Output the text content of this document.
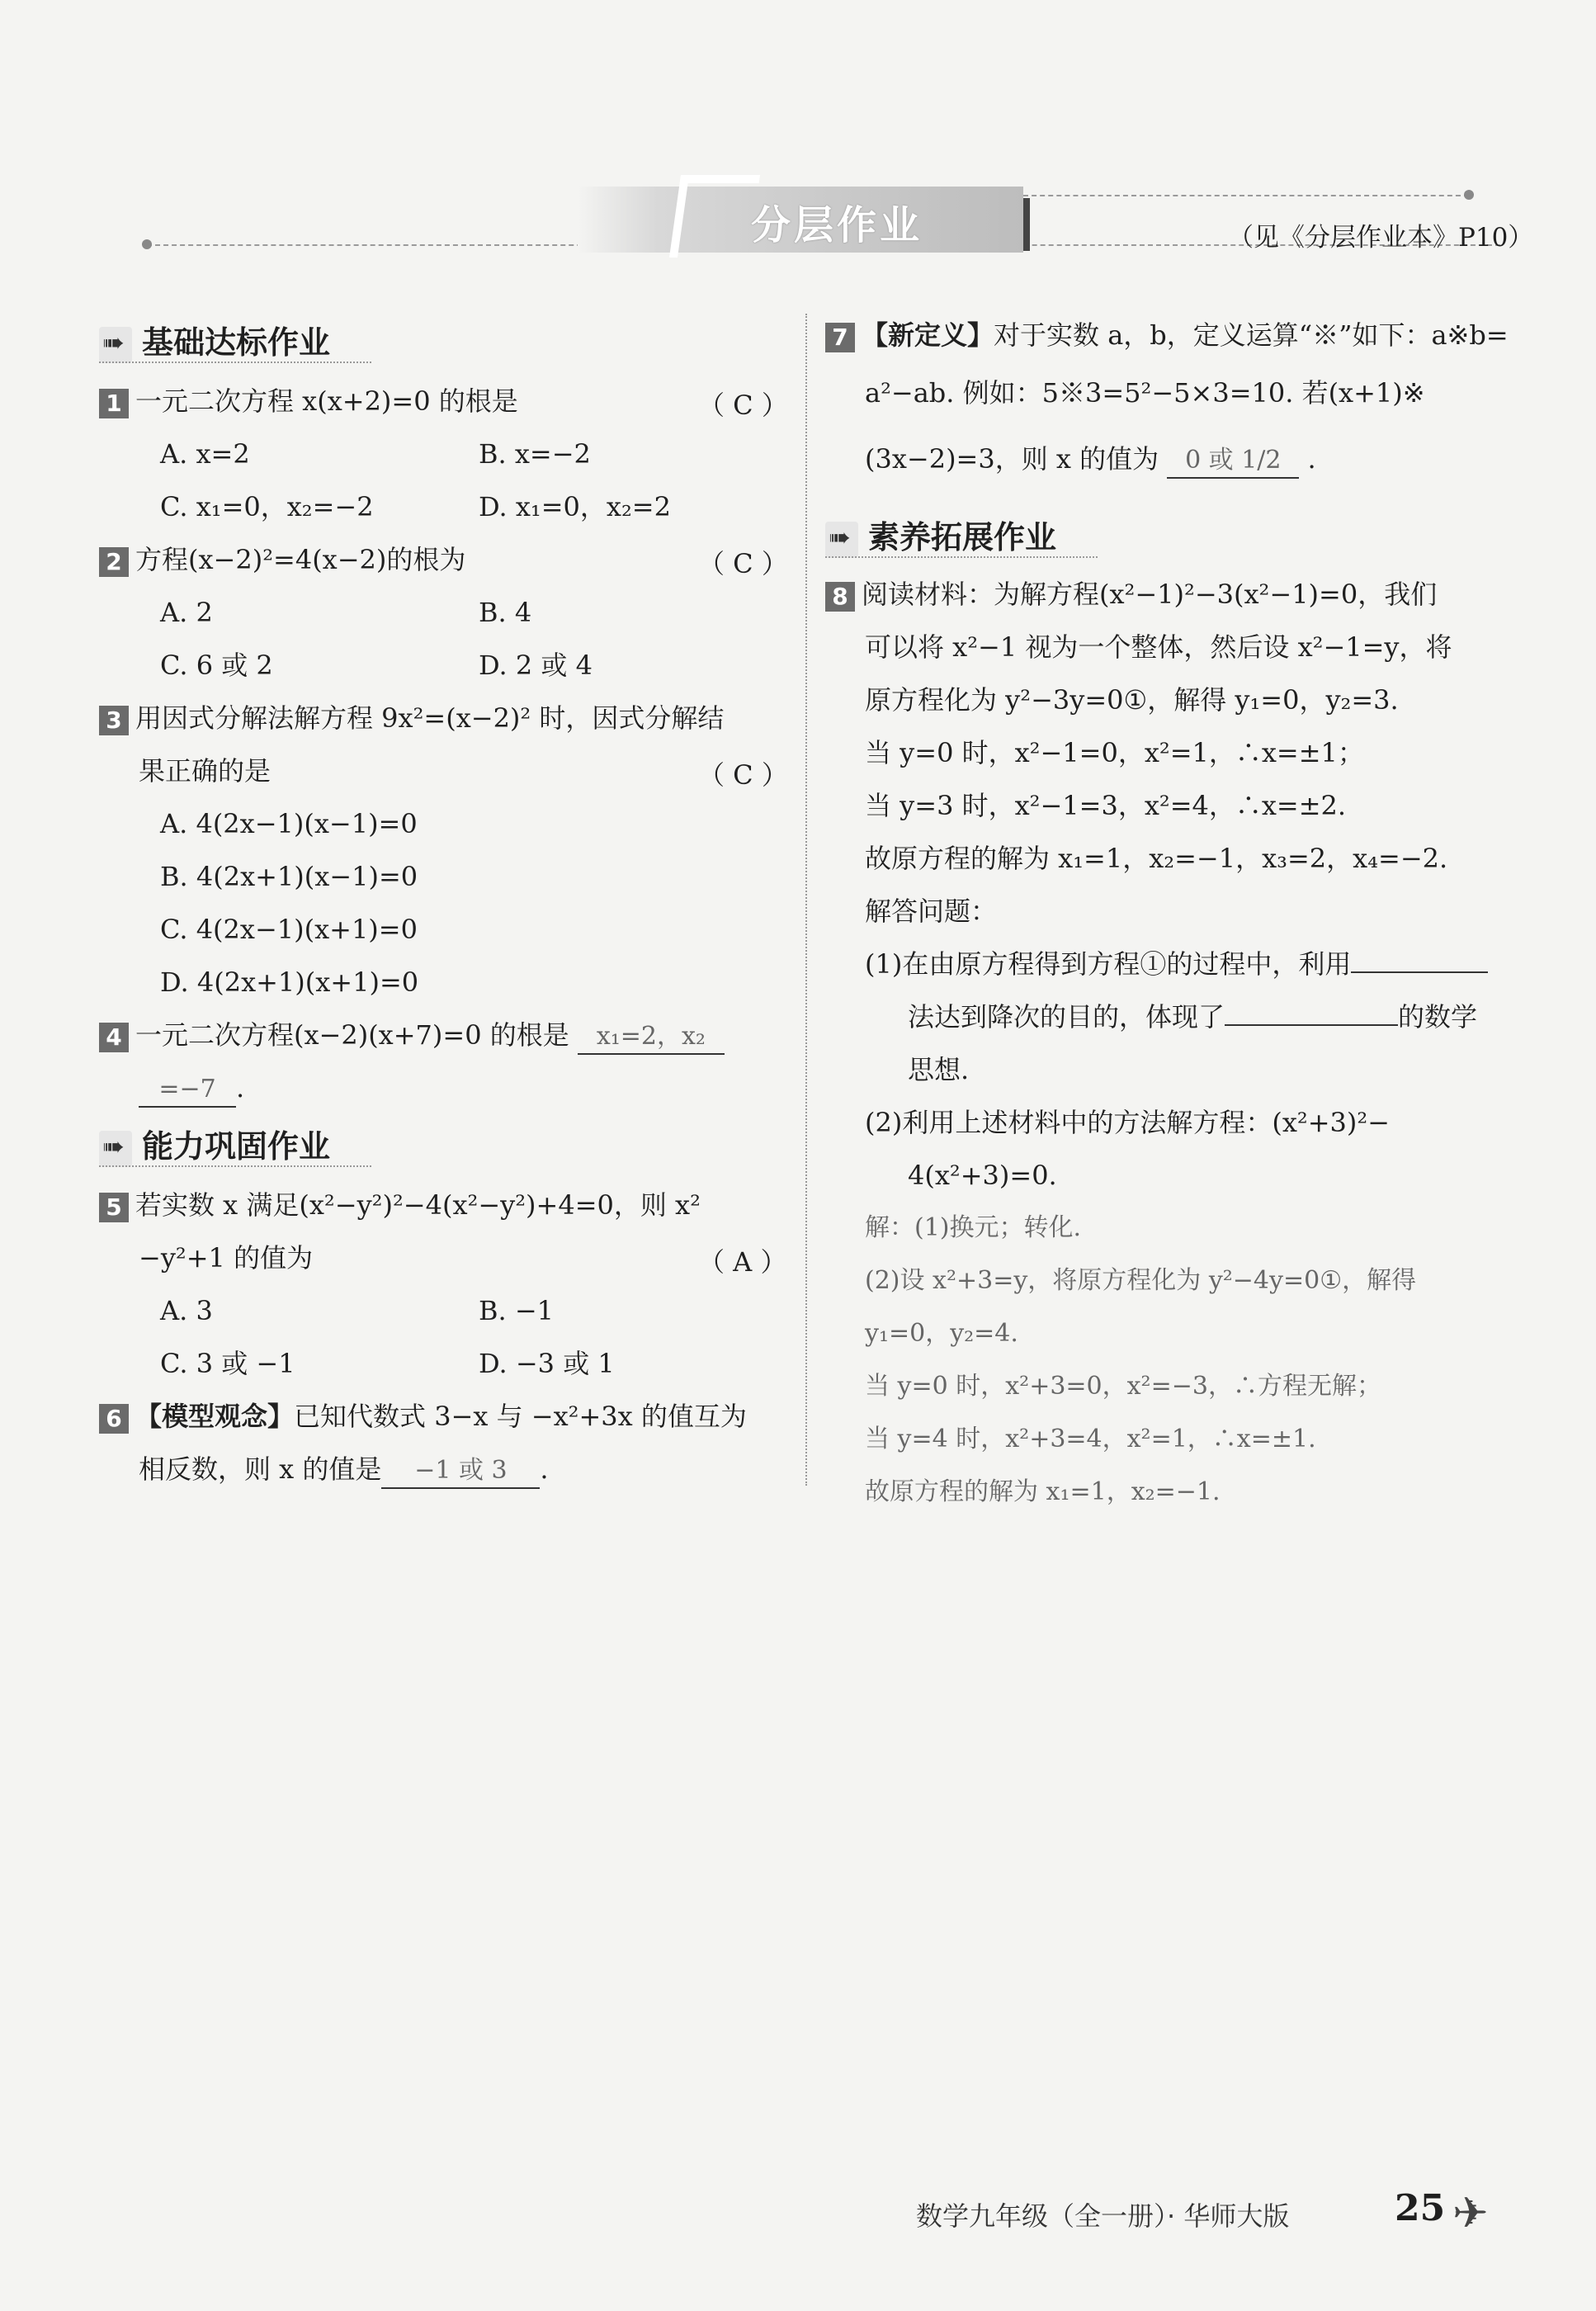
分层作业	（见《分层作业本》P10）
➠基础达标作业
1 一元二次方程 x(x+2)=0 的根是	（ C ）
A. x=2	B. x=−2
C. x₁=0，x₂=−2	D. x₁=0，x₂=2
2 方程(x−2)²=4(x−2)的根为	（ C ）
A. 2	B. 4
C. 6 或 2	D. 2 或 4
3 用因式分解法解方程 9x²=(x−2)² 时，因式分解结
果正确的是	（ C ）
A. 4(2x−1)(x−1)=0
B. 4(2x+1)(x−1)=0
C. 4(2x−1)(x+1)=0
D. 4(2x+1)(x+1)=0
4 一元二次方程(x−2)(x+7)=0 的根是 x₁=2，x₂
=−7 .
➠能力巩固作业
5 若实数 x 满足(x²−y²)²−4(x²−y²)+4=0，则 x²
−y²+1 的值为	（ A ）
A. 3	B. −1
C. 3 或 −1	D. −3 或 1
6 【模型观念】已知代数式 3−x 与 −x²+3x 的值互为
相反数，则 x 的值是 −1 或 3 .
7 【新定义】对于实数 a，b，定义运算“※”如下：a※b=
a²−ab. 例如：5※3=5²−5×3=10. 若(x+1)※
(3x−2)=3，则 x 的值为 0 或 1/2 .
➠素养拓展作业
8 阅读材料：为解方程(x²−1)²−3(x²−1)=0，我们
可以将 x²−1 视为一个整体，然后设 x²−1=y，将
原方程化为 y²−3y=0①，解得 y₁=0，y₂=3.
当 y=0 时，x²−1=0，x²=1，∴x=±1；
当 y=3 时，x²−1=3，x²=4，∴x=±2.
故原方程的解为 x₁=1，x₂=−1，x₃=2，x₄=−2.
解答问题：
(1)在由原方程得到方程①的过程中，利用
法达到降次的目的，体现了	的数学
思想.
(2)利用上述材料中的方法解方程：(x²+3)²−
4(x²+3)=0.
解：(1)换元；转化.
(2)设 x²+3=y，将原方程化为 y²−4y=0①，解得
y₁=0，y₂=4.
当 y=0 时，x²+3=0，x²=−3，∴方程无解；
当 y=4 时，x²+3=4，x²=1，∴x=±1.
故原方程的解为 x₁=1，x₂=−1.
数学九年级（全一册）· 华师大版	25 ✈
